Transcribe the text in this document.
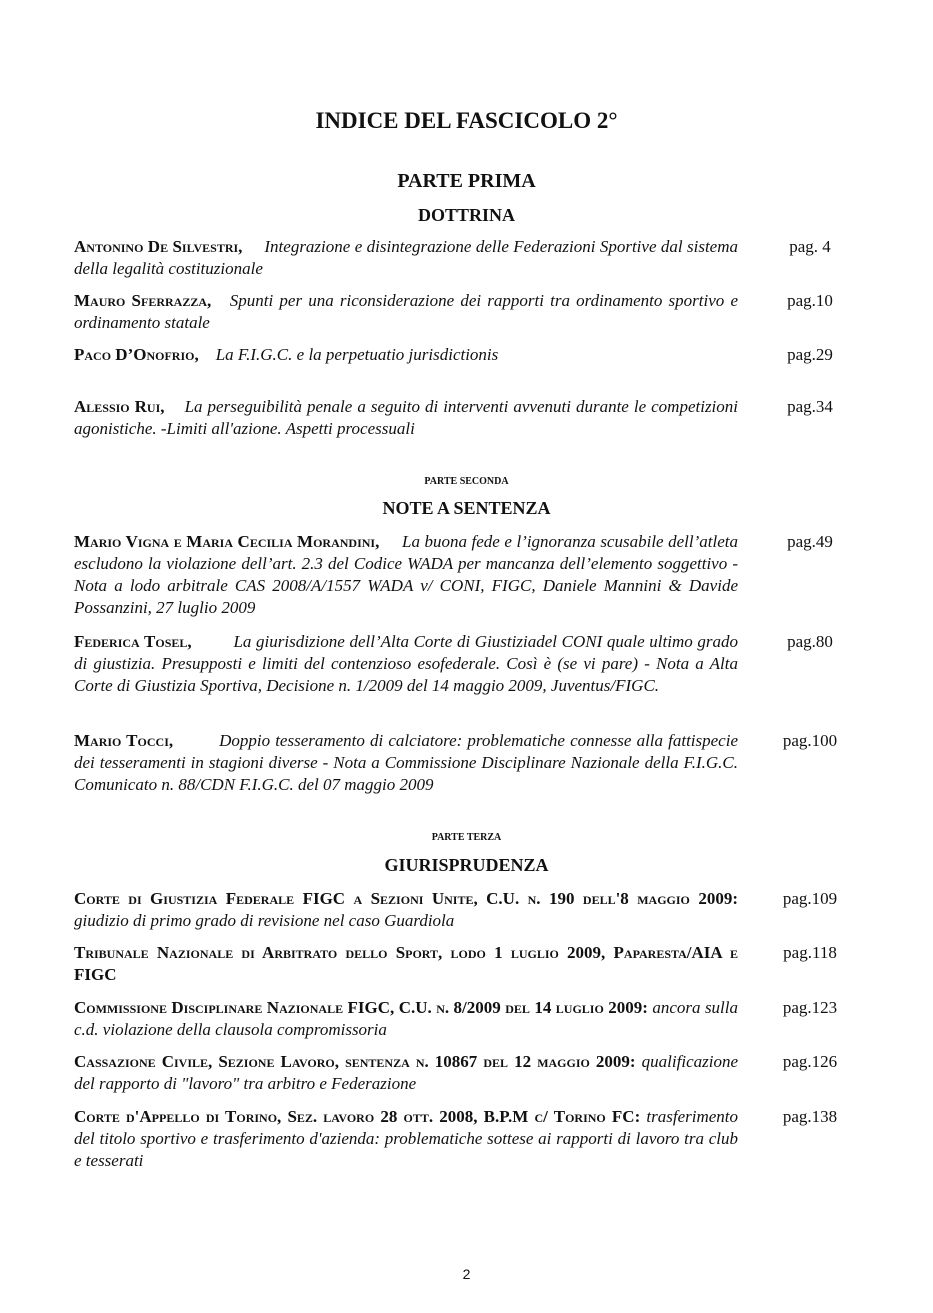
INDICE DEL FASCICOLO 2°
PARTE PRIMA
DOTTRINA
Antonino De Silvestri, Integrazione e disintegrazione delle Federazioni Sportive dal sistema della legalità costituzionale
pag. 4
Mauro Sferrazza, Spunti per una riconsiderazione dei rapporti tra ordinamento sportivo e ordinamento statale
pag.10
Paco D’Onofrio, La F.I.G.C. e la perpetuatio jurisdictionis	pag.29
Alessio Rui, La perseguibilità penale a seguito di interventi avvenuti durante le competizioni agonistiche. -Limiti all'azione. Aspetti processuali
pag.34
PARTE SECONDA
NOTE A SENTENZA
Mario Vigna e Maria Cecilia Morandini, La buona fede e l’ignoranza scusabile dell’atleta escludono la violazione dell’art. 2.3 del Codice WADA per mancanza dell’elemento soggettivo - Nota a lodo arbitrale CAS 2008/A/1557 WADA v/ CONI, FIGC, Daniele Mannini & Davide Possanzini, 27 luglio 2009
pag.49
Federica Tosel, La giurisdizione dell’Alta Corte di Giustiziadel CONI quale ultimo grado di giustizia. Presupposti e limiti del contenzioso esofederale. Così è (se vi pare) - Nota a Alta Corte di Giustizia Sportiva, Decisione n. 1/2009 del 14 maggio 2009, Juventus/FIGC.
pag.80
Mario Tocci,	Doppio tesseramento di calciatore: problematiche connesse alla fattispecie dei tesseramenti in stagioni diverse - Nota a Commissione Disciplinare Nazionale della F.I.G.C. Comunicato n. 88/CDN F.I.G.C. del 07 maggio 2009
pag.100
PARTE TERZA
GIURISPRUDENZA
Corte di Giustizia Federale FIGC a Sezioni Unite, C.U. n. 190 dell'8 maggio 2009: giudizio di primo grado di revisione nel caso Guardiola
pag.109
Tribunale Nazionale di Arbitrato dello Sport, lodo 1 luglio 2009, Paparesta/AIA e FIGC
pag.118
Commissione Disciplinare Nazionale FIGC, C.U. n. 8/2009 del 14 luglio 2009: ancora sulla c.d. violazione della clausola compromissoria
pag.123
Cassazione Civile, Sezione Lavoro, sentenza n. 10867 del 12 maggio 2009: qualificazione del rapporto di "lavoro" tra arbitro e Federazione
pag.126
Corte d'Appello di Torino, Sez. lavoro 28 ott. 2008, B.P.M c/ Torino FC: trasferimento del titolo sportivo e trasferimento d'azienda: problematiche sottese ai rapporti di lavoro tra club e tesserati
pag.138
2
